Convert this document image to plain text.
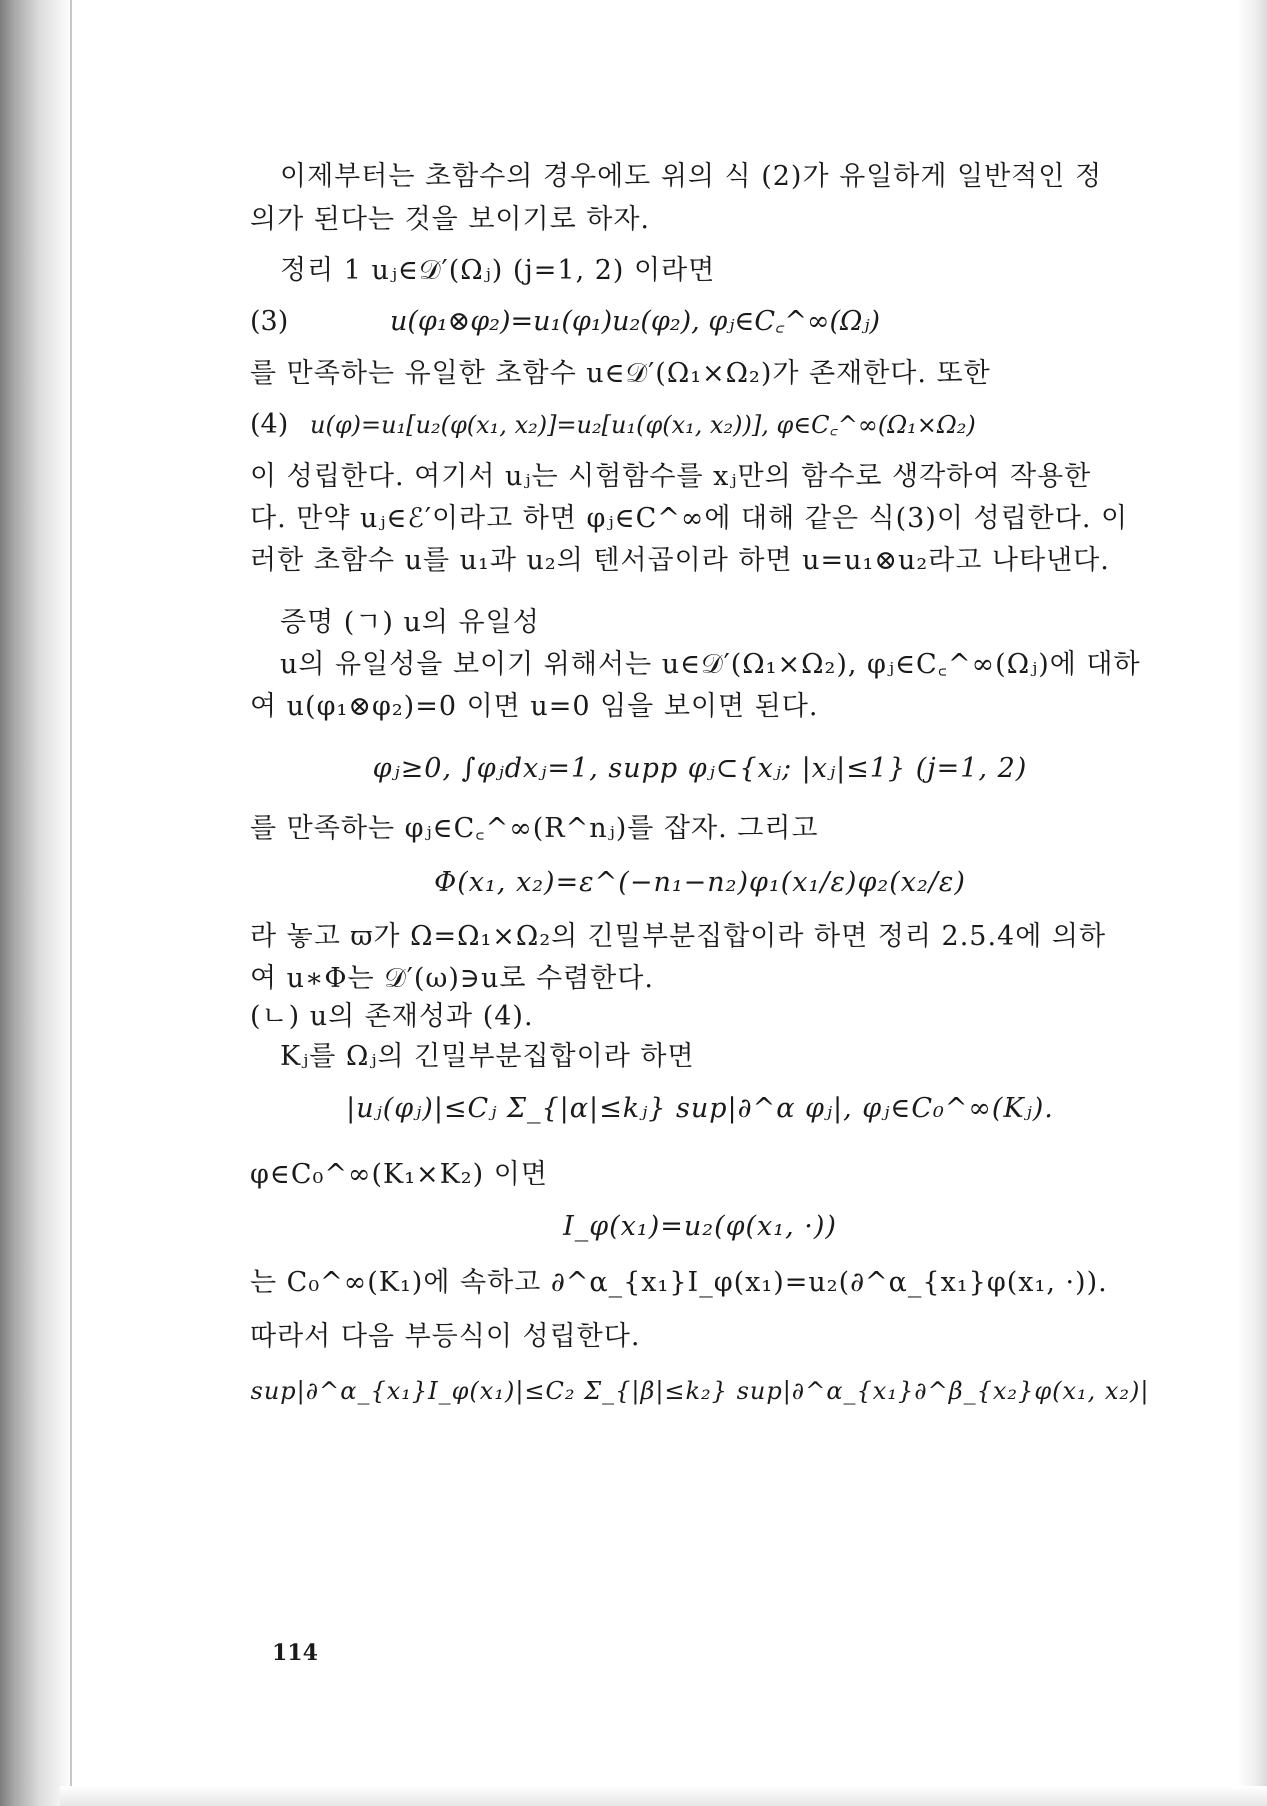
이제부터는 초함수의 경우에도 위의 식 (2)가 유일하게 일반적인 정
의가 된다는 것을 보이기로 하자.
정리 1 uⱼ∈𝒟′(Ωⱼ) (j=1, 2) 이라면
(3)	u(φ₁⊗φ₂)=u₁(φ₁)u₂(φ₂), φⱼ∈C꜀^∞(Ωⱼ)
를 만족하는 유일한 초함수 u∈𝒟′(Ω₁×Ω₂)가 존재한다. 또한
(4) u(φ)=u₁[u₂(φ(x₁, x₂)]=u₂[u₁(φ(x₁, x₂))], φ∈C꜀^∞(Ω₁×Ω₂)
이 성립한다. 여기서 uⱼ는 시험함수를 xⱼ만의 함수로 생각하여 작용한
다. 만약 uⱼ∈ℰ′이라고 하면 φⱼ∈C^∞에 대해 같은 식(3)이 성립한다. 이
러한 초함수 u를 u₁과 u₂의 텐서곱이라 하면 u=u₁⊗u₂라고 나타낸다.
증명 (ㄱ) u의 유일성
u의 유일성을 보이기 위해서는 u∈𝒟′(Ω₁×Ω₂), φⱼ∈C꜀^∞(Ωⱼ)에 대하
여 u(φ₁⊗φ₂)=0 이면 u=0 임을 보이면 된다.
φⱼ≥0, ∫φⱼdxⱼ=1, supp φⱼ⊂{xⱼ; |xⱼ|≤1} (j=1, 2)
를 만족하는 φⱼ∈C꜀^∞(R^nⱼ)를 잡자. 그리고
Φ(x₁, x₂)=ε^(−n₁−n₂)φ₁(x₁/ε)φ₂(x₂/ε)
라 놓고 ϖ가 Ω=Ω₁×Ω₂의 긴밀부분집합이라 하면 정리 2.5.4에 의하
여 u∗Φ는 𝒟′(ω)∋u로 수렴한다.
(ㄴ) u의 존재성과 (4).
Kⱼ를 Ωⱼ의 긴밀부분집합이라 하면
|uⱼ(φⱼ)|≤Cⱼ Σ_{|α|≤kⱼ} sup|∂^α φⱼ|, φⱼ∈C₀^∞(Kⱼ).
φ∈C₀^∞(K₁×K₂) 이면
I_φ(x₁)=u₂(φ(x₁, ·))
는 C₀^∞(K₁)에 속하고 ∂^α_{x₁}I_φ(x₁)=u₂(∂^α_{x₁}φ(x₁, ·)).
따라서 다음 부등식이 성립한다.
sup|∂^α_{x₁}I_φ(x₁)|≤C₂ Σ_{|β|≤k₂} sup|∂^α_{x₁}∂^β_{x₂}φ(x₁, x₂)|
114
